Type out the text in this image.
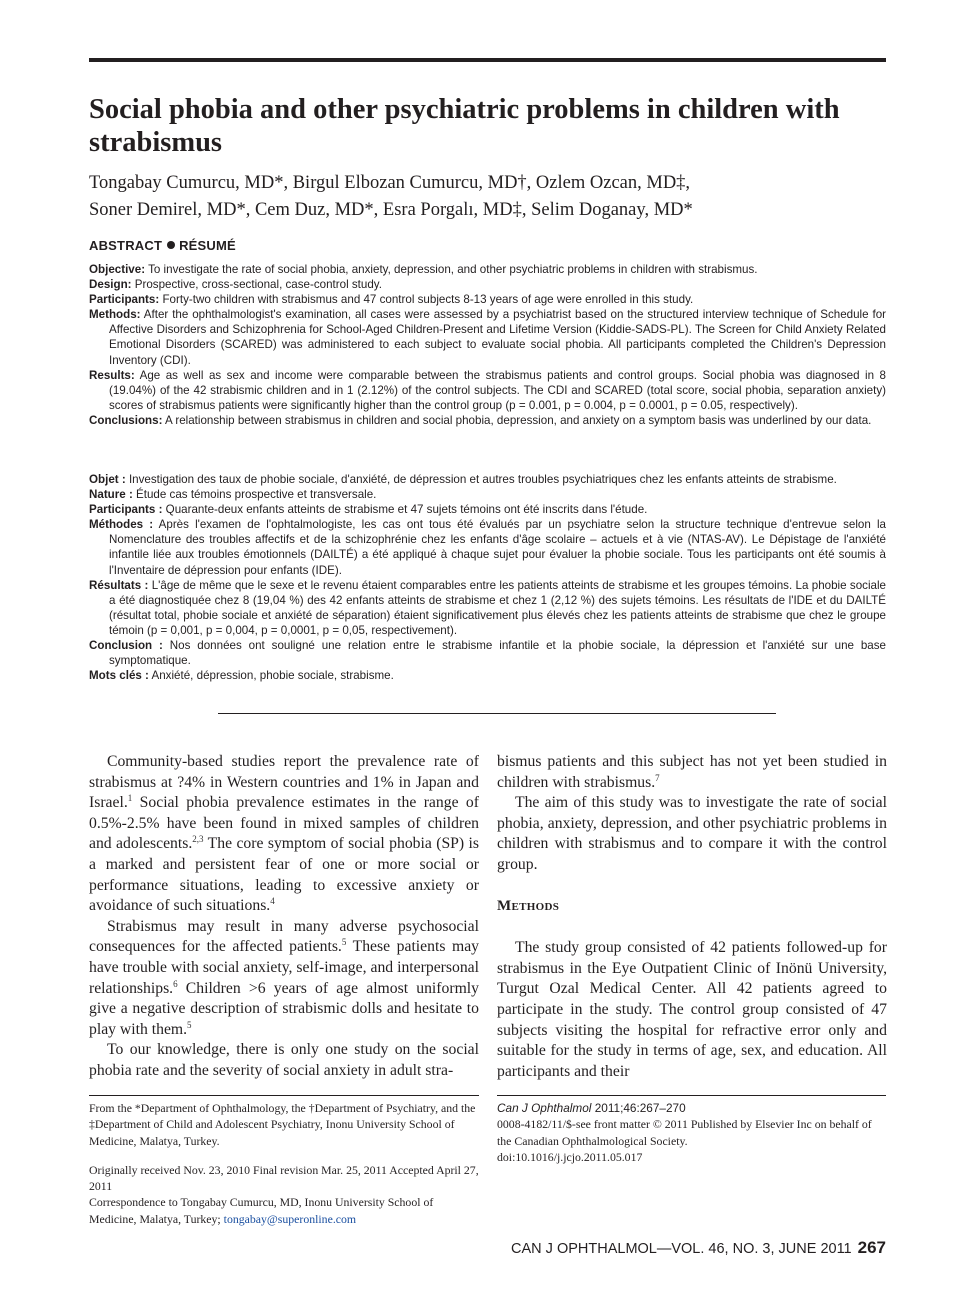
Social phobia and other psychiatric problems in children with strabismus
Tongabay Cumurcu, MD*, Birgul Elbozan Cumurcu, MD†, Ozlem Ozcan, MD‡,
Soner Demirel, MD*, Cem Duz, MD*, Esra Porgalı, MD‡, Selim Doganay, MD*
ABSTRACT RÉSUMÉ

Objective: To investigate the rate of social phobia, anxiety, depression, and other psychiatric problems in children with strabismus.

Design: Prospective, cross-sectional, case-control study.

Participants: Forty-two children with strabismus and 47 control subjects 8-13 years of age were enrolled in this study.

Methods: After the ophthalmologist's examination, all cases were assessed by a psychiatrist based on the structured interview technique of Schedule for Affective Disorders and Schizophrenia for School-Aged Children-Present and Lifetime Version (Kiddie-SADS-PL). The Screen for Child Anxiety Related Emotional Disorders (SCARED) was administered to each subject to evaluate social phobia. All participants completed the Children's Depression Inventory (CDI).

Results: Age as well as sex and income were comparable between the strabismus patients and control groups. Social phobia was diagnosed in 8 (19.04%) of the 42 strabismic children and in 1 (2.12%) of the control subjects. The CDI and SCARED (total score, social phobia, separation anxiety) scores of strabismus patients were significantly higher than the control group (p = 0.001, p = 0.004, p = 0.0001, p = 0.05, respectively).

Conclusions: A relationship between strabismus in children and social phobia, depression, and anxiety on a symptom basis was underlined by our data.

Objet : Investigation des taux de phobie sociale, d'anxiété, de dépression et autres troubles psychiatriques chez les enfants atteints de strabisme.

Nature : Étude cas témoins prospective et transversale.

Participants : Quarante-deux enfants atteints de strabisme et 47 sujets témoins ont été inscrits dans l'étude.

Méthodes : Après l'examen de l'ophtalmologiste, les cas ont tous été évalués par un psychiatre selon la structure technique d'entrevue selon la Nomenclature des troubles affectifs et de la schizophrénie chez les enfants d'âge scolaire – actuels et à vie (NTAS-AV). Le Dépistage de l'anxiété infantile liée aux troubles émotionnels (DAILTÉ) a été appliqué à chaque sujet pour évaluer la phobie sociale. Tous les participants ont été soumis à l'Inventaire de dépression pour enfants (IDE).

Résultats : L'âge de même que le sexe et le revenu étaient comparables entre les patients atteints de strabisme et les groupes témoins. La phobie sociale a été diagnostiquée chez 8 (19,04 %) des 42 enfants atteints de strabisme et chez 1 (2,12 %) des sujets témoins. Les résultats de l'IDE et du DAILTÉ (résultat total, phobie sociale et anxiété de séparation) étaient significativement plus élevés chez les patients atteints de strabisme que chez le groupe témoin (p = 0,001, p = 0,004, p = 0,0001, p = 0,05, respectivement).

Conclusion : Nos données ont souligné une relation entre le strabisme infantile et la phobie sociale, la dépression et l'anxiété sur une base symptomatique.

Mots clés : Anxiété, dépression, phobie sociale, strabisme.

Community-based studies report the prevalence rate of strabismus at ?4% in Western countries and 1% in Japan and Israel.$^1$ Social phobia prevalence estimates in the range of 0.5%-2.5% have been found in mixed samples of children and adolescents.$^{2,3}$ The core symptom of social phobia (SP) is a marked and persistent fear of one or more social or performance situations, leading to excessive anxiety or avoidance of such situations.$^4$

Strabismus may result in many adverse psychosocial consequences for the affected patients.$^5$ These patients may have trouble with social anxiety, self-image, and interpersonal relationships.$^6$ Children >6 years of age almost uniformly give a negative description of strabismic dolls and hesitate to play with them.$^5$

To our knowledge, there is only one study on the social phobia rate and the severity of social anxiety in adult stra-

bismus patients and this subject has not yet been studied in children with strabismus.$^7$

The aim of this study was to investigate the rate of social phobia, anxiety, depression, and other psychiatric problems in children with strabismus and to compare it with the control group.

Methods

The study group consisted of 42 patients followed-up for strabismus in the Eye Outpatient Clinic of Inönü University, Turgut Ozal Medical Center. All 42 patients agreed to participate in the study. The control group consisted of 47 subjects visiting the hospital for refractive error only and suitable for the study in terms of age, sex, and education. All participants and their

From the *Department of Ophthalmology, the †Department of Psychiatry, and the ‡Department of Child and Adolescent Psychiatry, Inonu University School of Medicine, Malatya, Turkey.

Originally received Nov. 23, 2010 Final revision Mar. 25, 2011 Accepted April 27, 2011
Correspondence to Tongabay Cumurcu, MD, Inonu University School of Medicine, Malatya, Turkey; tongabay@superonline.com
Can J Ophthalmol 2011;46:267–270
0008-4182/11/$-see front matter © 2011 Published by Elsevier Inc on behalf of the Canadian Ophthalmological Society.
doi:10.1016/j.jcjo.2011.05.017
CAN J OPHTHALMOL—VOL. 46, NO. 3, JUNE 2011 267
